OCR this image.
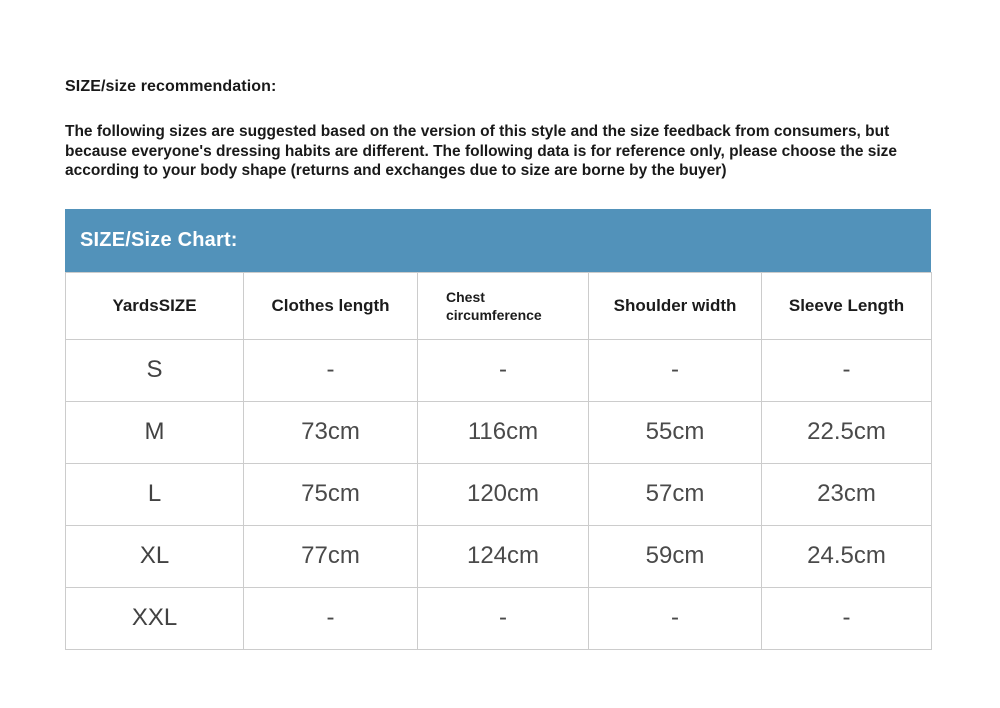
SIZE/size recommendation:
The following sizes are suggested based on the version of this style and the size feedback from consumers, but because everyone's dressing habits are different. The following data is for reference only, please choose the size according to your body shape (returns and exchanges due to size are borne by the buyer)
SIZE/Size Chart:
YardsSIZE	Clothes length	Chest circumference	Shoulder width	Sleeve Length
S	-	-	-	-
M	73cm	116cm	55cm	22.5cm
L	75cm	120cm	57cm	23cm
XL	77cm	124cm	59cm	24.5cm
XXL	-	-	-	-
